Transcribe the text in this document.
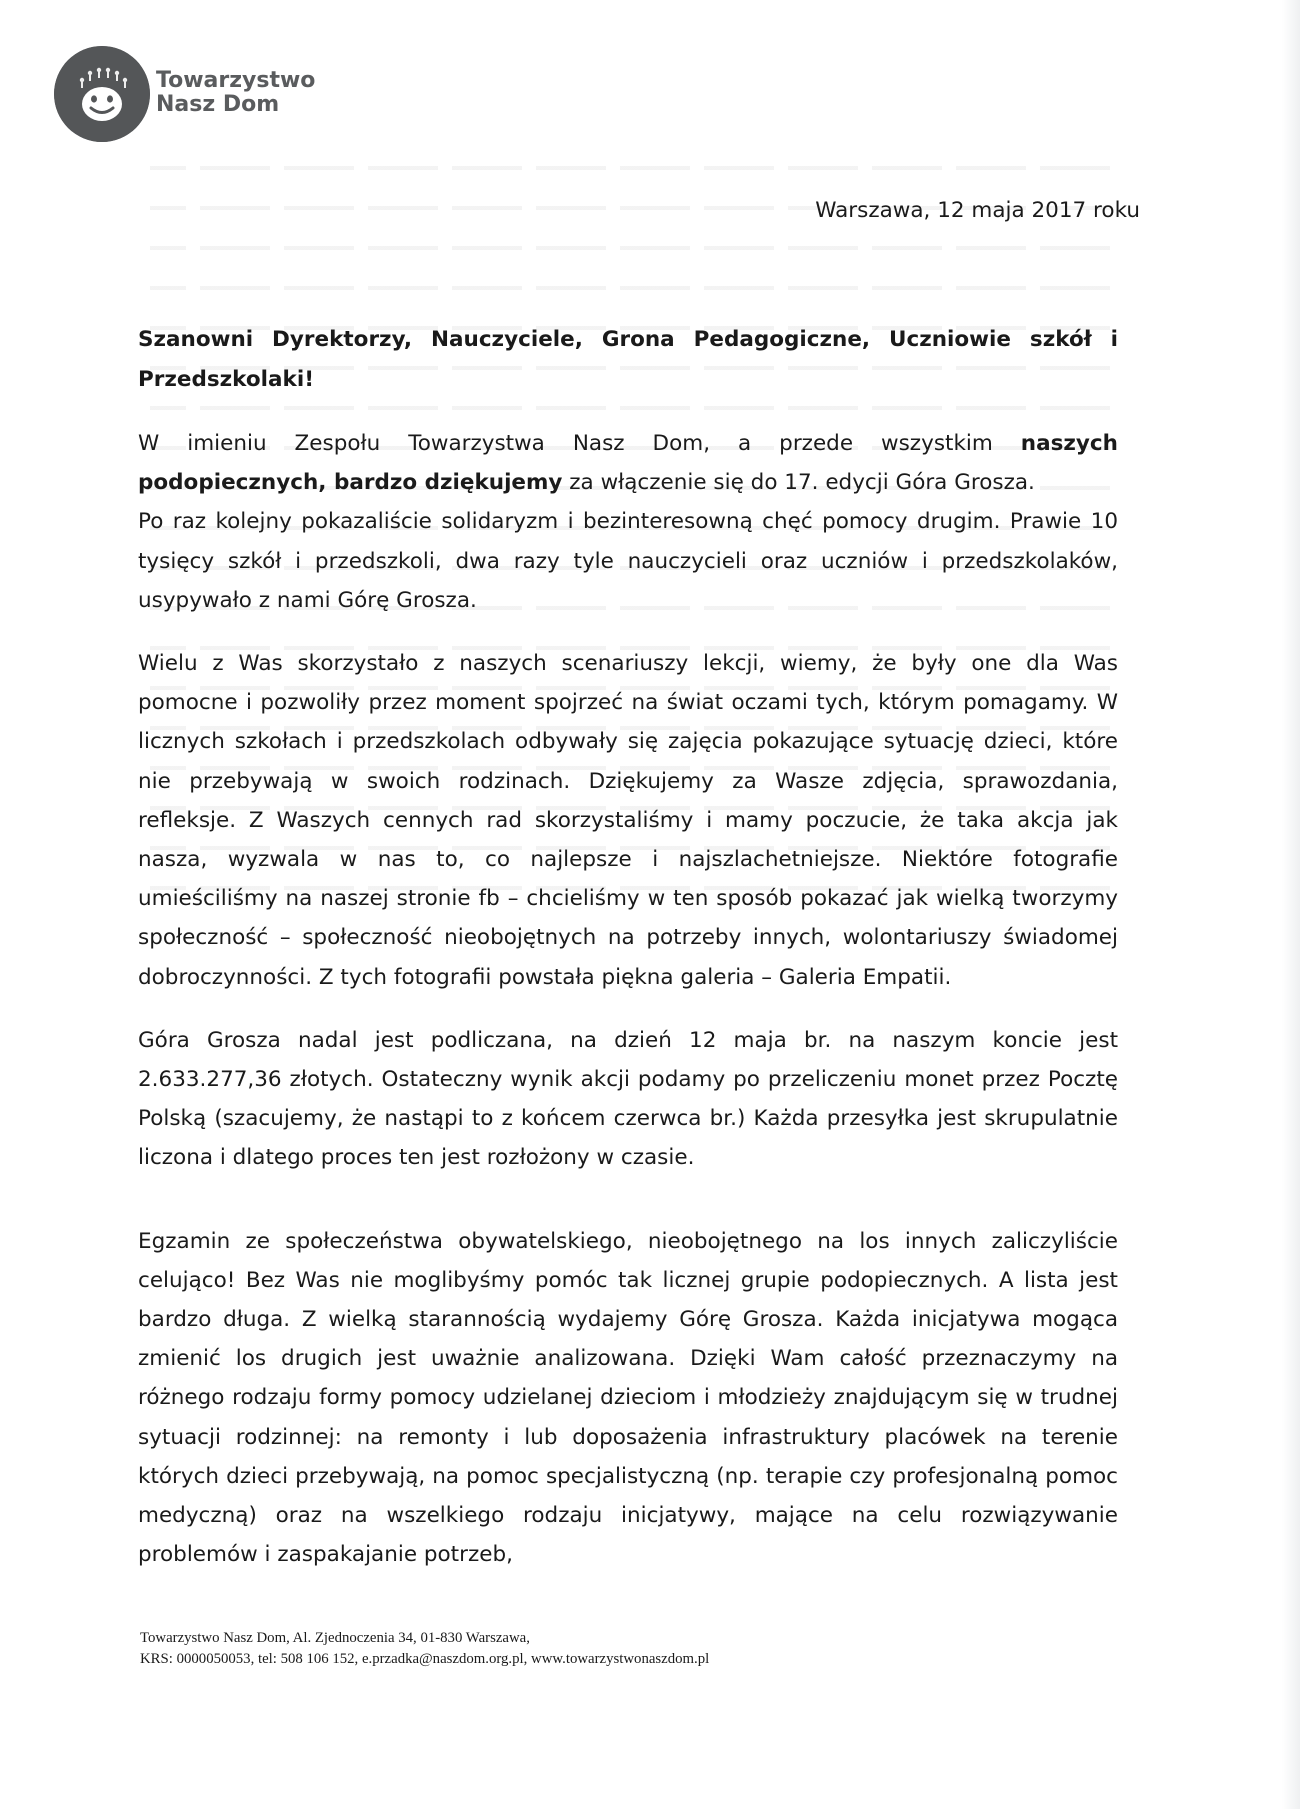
Towarzystwo
Nasz Dom
Warszawa, 12 maja 2017 roku

Szanowni Dyrektorzy, Nauczyciele, Grona Pedagogiczne, Uczniowie szkół i Przedszkolaki!

W imieniu Zespołu Towarzystwa Nasz Dom, a przede wszystkim naszych podopiecznych, bardzo dziękujemy za włączenie się do 17. edycji Góra Grosza.
Po raz kolejny pokazaliście solidaryzm i bezinteresowną chęć pomocy drugim. Prawie 10 tysięcy szkół i przedszkoli, dwa razy tyle nauczycieli oraz uczniów i przedszkolaków, usypywało z nami Górę Grosza.

Wielu z Was skorzystało z naszych scenariuszy lekcji, wiemy, że były one dla Was pomocne i pozwoliły przez moment spojrzeć na świat oczami tych, którym pomagamy. W licznych szkołach i przedszkolach odbywały się zajęcia pokazujące sytuację dzieci, które nie przebywają w swoich rodzinach. Dziękujemy za Wasze zdjęcia, sprawozdania, refleksje. Z Waszych cennych rad skorzystaliśmy i mamy poczucie, że taka akcja jak nasza, wyzwala w nas to, co najlepsze i najszlachetniejsze. Niektóre fotografie umieściliśmy na naszej stronie fb – chcieliśmy w ten sposób pokazać jak wielką tworzymy społeczność – społeczność nieobojętnych na potrzeby innych, wolontariuszy świadomej dobroczynności. Z tych fotografii powstała piękna galeria – Galeria Empatii.

Góra Grosza nadal jest podliczana, na dzień 12 maja br. na naszym koncie jest 2.633.277,36 złotych. Ostateczny wynik akcji podamy po przeliczeniu monet przez Pocztę Polską (szacujemy, że nastąpi to z końcem czerwca br.) Każda przesyłka jest skrupulatnie liczona i dlatego proces ten jest rozłożony w czasie.

Egzamin ze społeczeństwa obywatelskiego, nieobojętnego na los innych zaliczyliście celująco! Bez Was nie moglibyśmy pomóc tak licznej grupie podopiecznych. A lista jest bardzo długa. Z wielką starannością wydajemy Górę Grosza. Każda inicjatywa mogąca zmienić los drugich jest uważnie analizowana. Dzięki Wam całość przeznaczymy na różnego rodzaju formy pomocy udzielanej dzieciom i młodzieży znajdującym się w trudnej sytuacji rodzinnej: na remonty i lub doposażenia infrastruktury placówek na terenie których dzieci przebywają, na pomoc specjalistyczną (np. terapie czy profesjonalną pomoc medyczną) oraz na wszelkiego rodzaju inicjatywy, mające na celu rozwiązywanie problemów i zaspakajanie potrzeb,

Towarzystwo Nasz Dom, Al. Zjednoczenia 34, 01-830 Warszawa,
KRS: 0000050053, tel: 508 106 152, e.przadka@naszdom.org.pl, www.towarzystwonaszdom.pl
